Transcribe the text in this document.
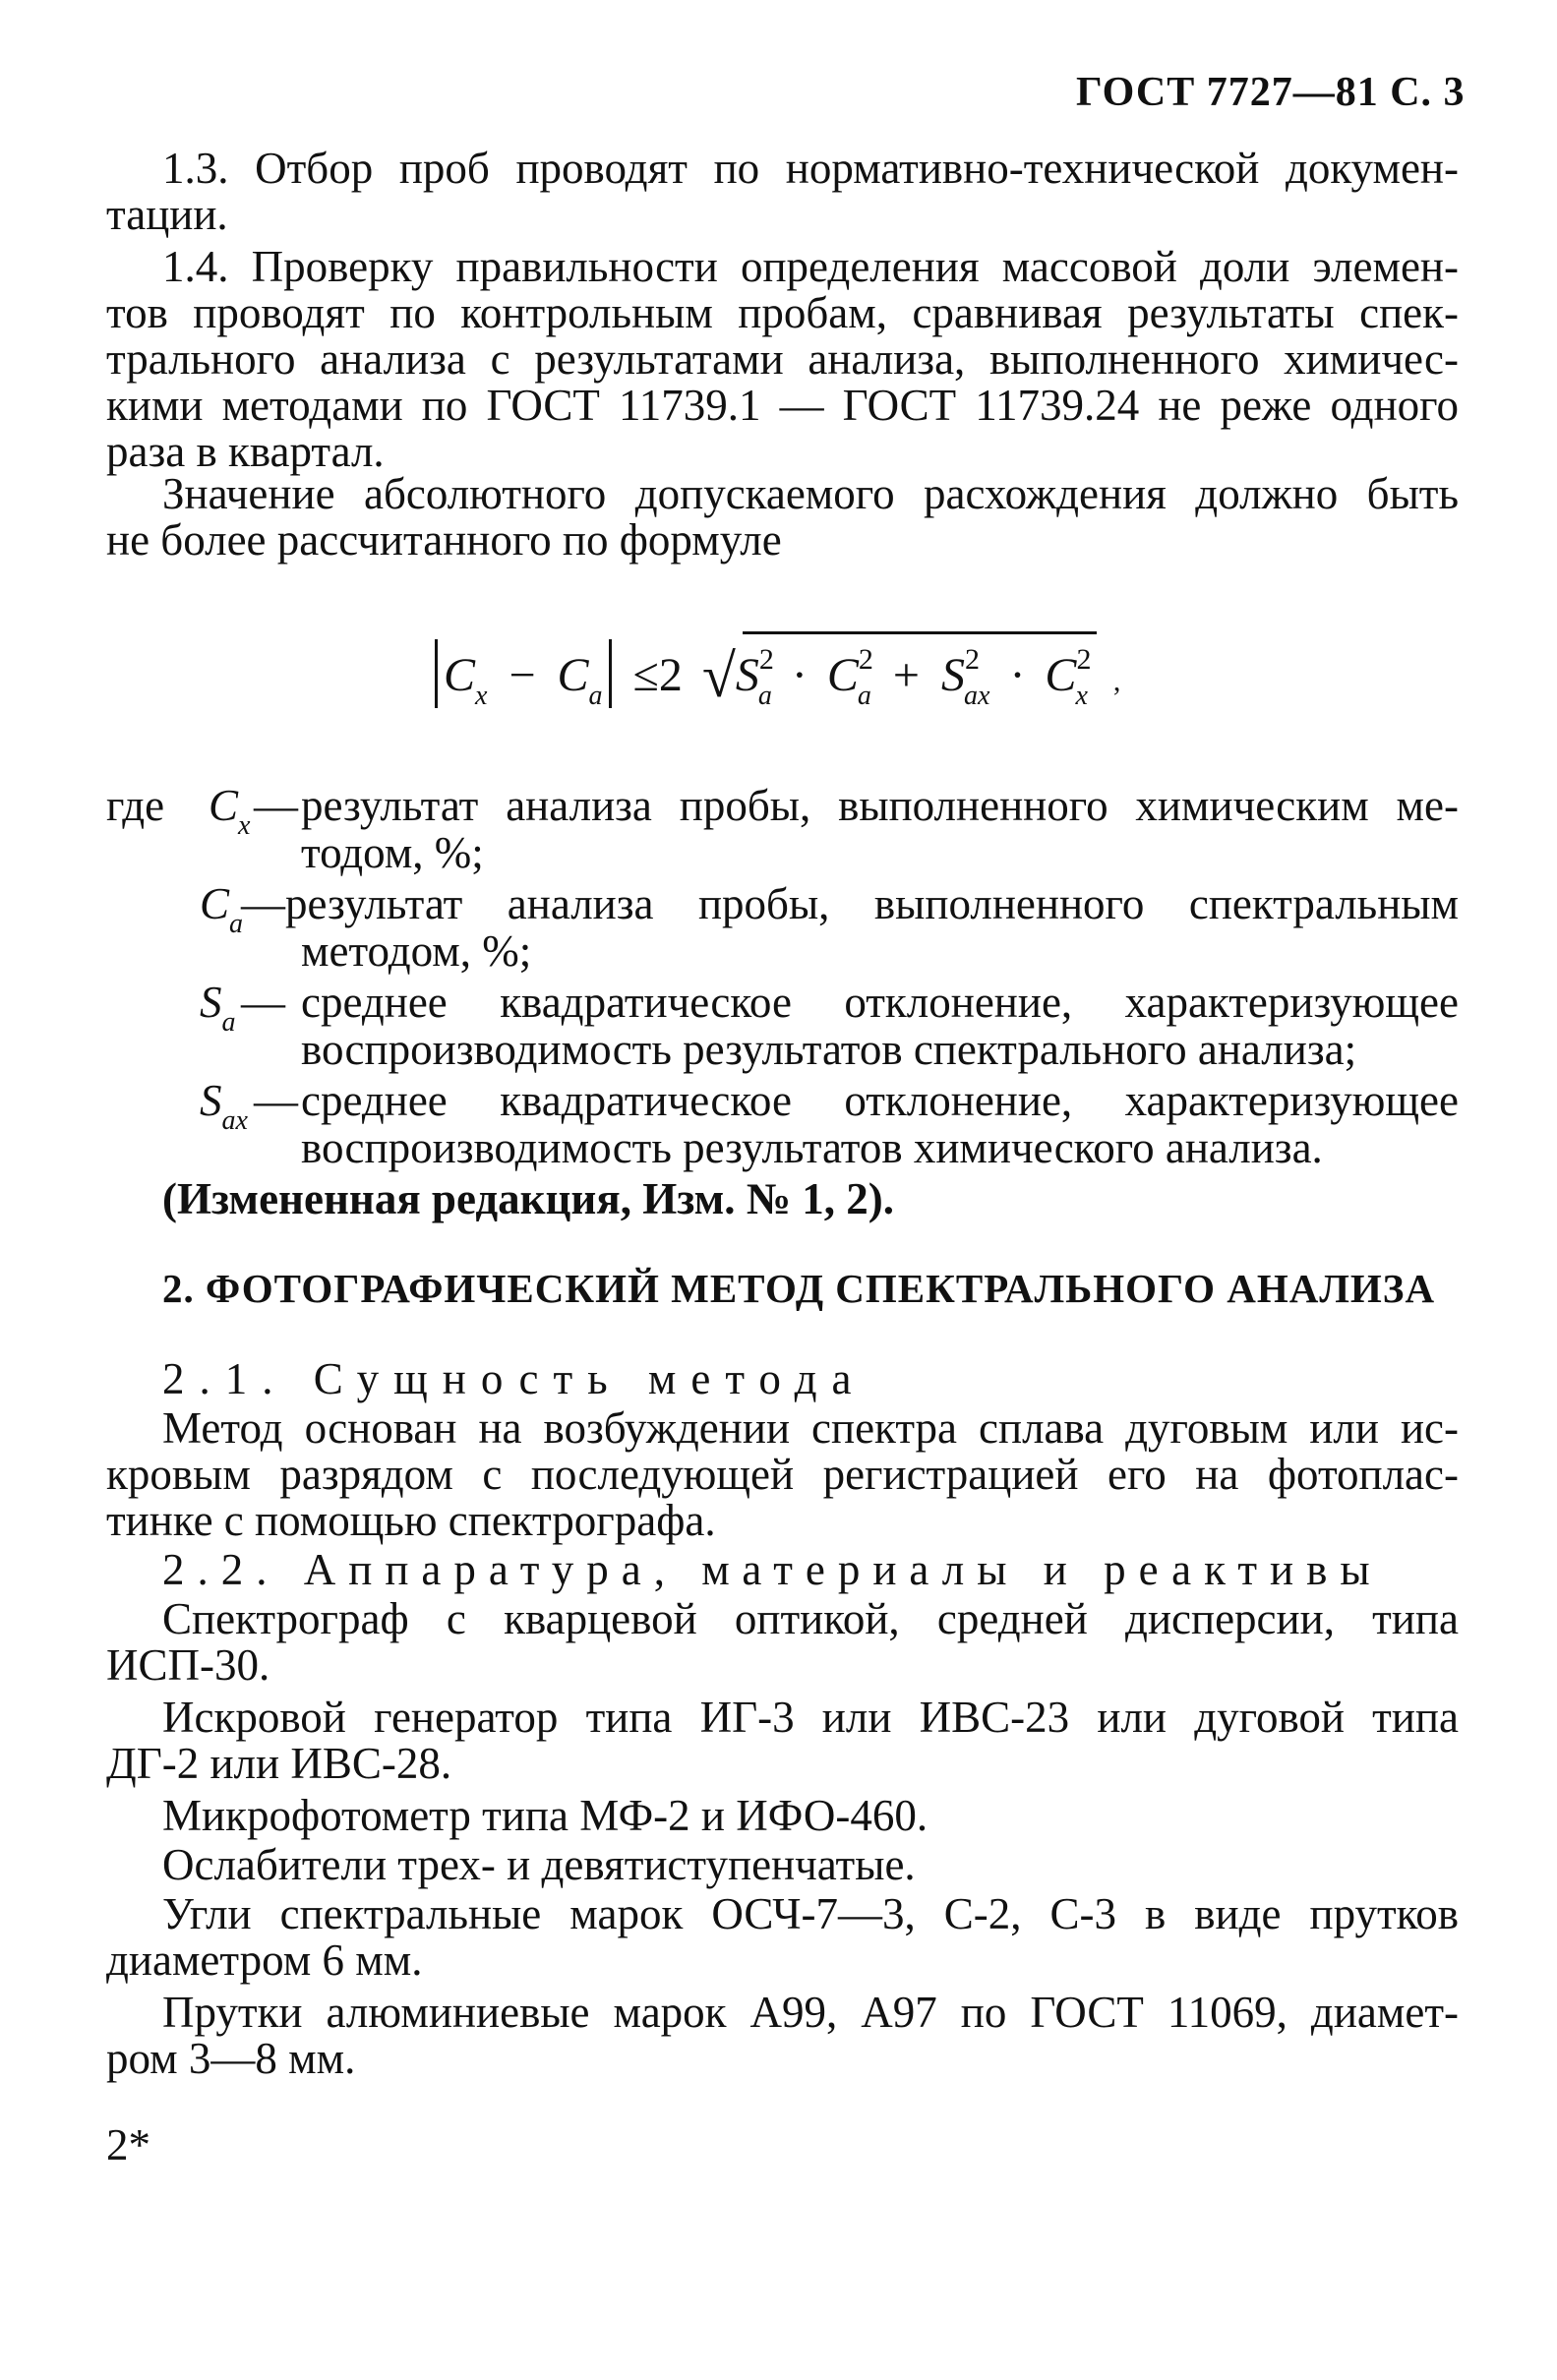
ГОСТ 7727—81 С. 3
1.3. Отбор проб проводят по нормативно-технической докумен-
тации.
1.4. Проверку правильности определения массовой доли элемен-
тов проводят по контрольным пробам, сравнивая результаты спек-
трального анализа с результатами анализа, выполненного химичес-
кими методами по ГОСТ 11739.1 — ГОСТ 11739.24 не реже одного
раза в квартал.
Значение абсолютного допускаемого расхождения должно быть
не более рассчитанного по формуле
$C_x - C_a \le 2$ $√S^2_a \cdot C^2_a + S^2_{ax} \cdot C^2_x$ ,
где $C_x$ — результат анализа пробы, выполненного химическим ме-
тодом, %;
$C_a$
— результат анализа пробы, выполненного спектральным
методом, %;
$S_a$ — среднее квадратическое отклонение, характеризующее
воспроизводимость результатов спектрального анализа;
$S_{ax}$ — среднее квадратическое отклонение, характеризующее
воспроизводимость результатов химического анализа.
(Измененная редакция, Изм. № 1, 2).
2. ФОТОГРАФИЧЕСКИЙ МЕТОД СПЕКТРАЛЬНОГО АНАЛИЗА
2.1. Сущность метода
Метод основан на возбуждении спектра сплава дуговым или ис-
кровым разрядом с последующей регистрацией его на фотоплас-
тинке с помощью спектрографа.
2.2. Аппаратура, материалы и реактивы
Спектрограф с кварцевой оптикой, средней дисперсии, типа
ИСП-30.
Искровой генератор типа ИГ-3 или ИВС-23 или дуговой типа
ДГ-2 или ИВС-28.
Микрофотометр типа МФ-2 и ИФО-460.
Ослабители трех- и девятиступенчатые.
Угли спектральные марок ОСЧ-7—3, С-2, С-3 в виде прутков
диаметром 6 мм.
Прутки алюминиевые марок А99, А97 по ГОСТ 11069, диамет-
ром 3—8 мм.
2*
